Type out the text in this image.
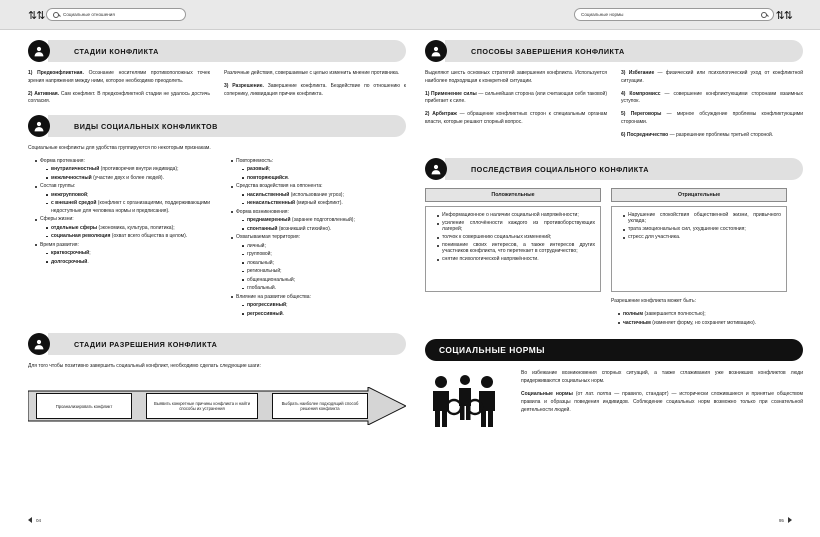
⇅⇅	Социальные отношения	Социальные нормы	⇅⇅
СТАДИИ КОНФЛИКТА

1) Предконфликтная. Осознание носителями противоположных точек зрения напряжения между ними, которое необходимо преодолеть.

2) Активная. Сам конфликт. В предконфликтной стадии не удалось достичь согласия.

Различные действия, совершаемые с целью изменить мнение противника.

3) Разрешение. Завершение конфликта. Бездействие по отношению к сопернику, ликвидация причин конфликта.

ВИДЫ СОЦИАЛЬНЫХ КОНФЛИКТОВ

Социальные конфликты для удобства группируются по некоторым признакам.

Форма протекания:
внутриличностный (противоречия внутри индивида);
межличностный (участие двух и более людей).
Состав группы:
межгрупповой;
с внешней средой (конфликт с организациями, поддерживающими недоступные для человека нормы и предписания).
Сферы жизни:
отдельные сферы (экономика, культура, политика);
социальная революция (охват всего общества в целом).
Время развития:
краткосрочный;
долгосрочный.
Повторяемость:
разовый;
повторяющийся.
Средства воздействия на оппонента:
насильственный (использование угроз);
ненасильственный (мирный конфликт).
Форма возникновения:
преднамеренный (заранее подготовленный);
спонтанный (возникший стихийно).
Охватываемая территория:
личный;
групповой;
локальный;
региональный;
общенациональный;
глобальный.
Влияние на развитие общества:
прогрессивный;
регрессивный.
СТАДИИ РАЗРЕШЕНИЯ КОНФЛИКТА

Для того чтобы позитивно завершить социальный конфликт, необходимо сделать следующие шаги:

Проанализировать конфликт
Выявить конкретные причины конфликта и найти способы их устранения
Выбрать наиболее подходящий способ решения конфликта
СПОСОБЫ ЗАВЕРШЕНИЯ КОНФЛИКТА

Выделяют шесть основных стратегий завершения конфликта. Используется наиболее подходящая к конкретной ситуации.

1) Применение силы — сильнейшая сторона (или считающая себя таковой) прибегает к силе.

2) Арбитраж — обращение конфликтных сторон к специальным органам власти, которые решают спорный вопрос.

3) Избегание — физический или психологический уход от конфликтной ситуации.

4) Компромисс — совершение конфликтующими сторонами взаимных уступок.

5) Переговоры — мирное обсуждение проблемы конфликтующими сторонами.

6) Посредничество — разрешение проблемы третьей стороной.

ПОСЛЕДСТВИЯ СОЦИАЛЬНОГО КОНФЛИКТА
Положительные
Информационное о наличии социальной напряжённости;
усиление сплочённости каждого из противоборствующих лагерей;
толчок к совершению социальных изменений;
понимание своих интересов, а также интересов других участников конфликта, что перетекает в сотрудничество;
снятие психологической напряжённости.
Отрицательные
Нарушение спокойствия общественной жизни, привычного уклада;
трата эмоциональных сил, ухудшение состояния;
стресс для участника.

Разрешение конфликта может быть:

полным (завершается полностью);
частичным (изменяет форму, но сохраняет мотивацию).
СОЦИАЛЬНЫЕ НОРМЫ

Во избежание возникновения спорных ситуаций, а также сглаживания уже возникших конфликтов люди придерживаются социальных норм.

Социальные нормы (от лат. norma — правило, стандарт) — исторически сложившиеся и принятые обществом правила и образцы поведения индивидов. Соблюдение социальных норм возможно только при сознательной деятельности людей.

04	95
